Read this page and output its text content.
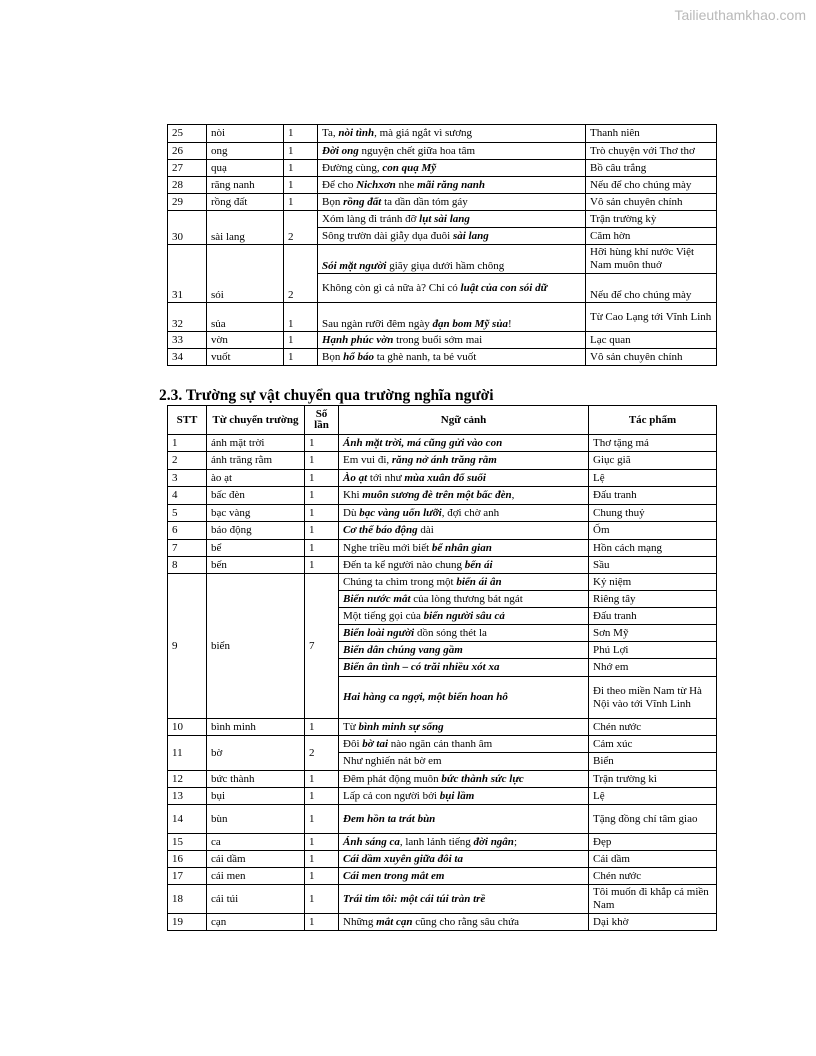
Tailieuthamkhao.com
25	nòi	1	Ta, nòi tình, mà giá ngắt vì sương	Thanh niên
26	ong	1	Đời ong nguyện chết giữa hoa tâm	Trò chuyện với Thơ thơ
27	quạ	1	Đường cùng, con quạ Mỹ	Bồ câu trắng
28	răng nanh	1	Để cho Nichxơn nhe mãi răng nanh	Nếu để cho chúng mày
29	rồng đất	1	Bọn rồng đất ta dần dần tóm gáy	Vô sản chuyên chính
30	sài lang	2	Xóm làng đi tránh đỡ lụt sài lang	Trận trường kỳ
			Sông trườn dài giẫy dụa đuôi sài lang	Căm hờn
31	sói	2	Sói mặt người giãy giụa dưới hầm chông	Hỡi hùng khí nước Việt Nam muôn thuở
			Không còn gì cả nữa à? Chỉ có luật của con sói dữ	Nếu để cho chúng mày
32	sủa	1	Sau ngàn rưỡi đêm ngày đạn bom Mỹ sủa!	Từ Cao Lạng tới Vĩnh Linh
33	vờn	1	Hạnh phúc vờn trong buổi sớm mai	Lạc quan
34	vuốt	1	Bọn hổ báo ta ghè nanh, ta bẻ vuốt	Vô sản chuyên chính
2.3. Trường sự vật chuyển qua trường nghĩa người
STT	Từ chuyển trường	Số lần	Ngữ cảnh	Tác phẩm
1	ánh mặt trời	1	Ánh mặt trời, má cũng gửi vào con	Thơ tặng má
2	ánh trăng rằm	1	Em vui đi, răng nở ánh trăng rằm	Giục giã
3	ào ạt	1	Ào ạt tới như mùa xuân đổ suối	Lệ
4	bấc đèn	1	Khi muôn sương đè trên một bấc đèn,	Đấu tranh
5	bạc vàng	1	Dù bạc vàng uốn lưỡi, đợi chờ anh	Chung thuỷ
6	báo động	1	Cơ thể báo động dài	Ốm
7	bể	1	Nghe triều mới biết bể nhân gian	Hồn cách mạng
8	bến	1	Đến ta kể người nào chung bến ái	Sầu
9	biển	7	Chúng ta chìm trong một biển ái ân	Kỷ niệm
			Biển nước mắt của lòng thương bát ngát	Riêng tây
			Một tiếng gọi của biển người sâu cả	Đấu tranh
			Biển loài người dồn sóng thét la	Sơn Mỹ
			Biển dân chúng vang gầm	Phú Lợi
			Biển ân tình – có trăi nhiều xót xa	Nhớ em
			Hai hàng ca ngợi, một biển hoan hô	Đi theo miền Nam từ Hà Nội vào tới Vĩnh Linh
10	bình minh	1	Từ bình minh sự sống	Chén nước
11	bờ	2	Đôi bờ tai nào ngăn cản thanh âm	Cảm xúc
			Như nghiến nát bờ em	Biển
12	bức thành	1	Đêm phát động muôn bức thành sức lực	Trận trường kì
13	bụi	1	Lấp cả con người bởi bụi lầm	Lệ
14	bùn	1	Đem hồn ta trát bùn	Tặng đồng chí tâm giao
15	ca	1	Ánh sáng ca, lanh lảnh tiếng đời ngân;	Đẹp
16	cái dầm	1	Cái dầm xuyên giữa đôi ta	Cái dầm
17	cái men	1	Cái men trong mắt em	Chén nước
18	cái túi	1	Trái tim tôi: một cái túi tràn trề	Tôi muốn đi khắp cả miền Nam
19	cạn	1	Những mắt cạn cũng cho rằng sâu chứa	Dại khờ
